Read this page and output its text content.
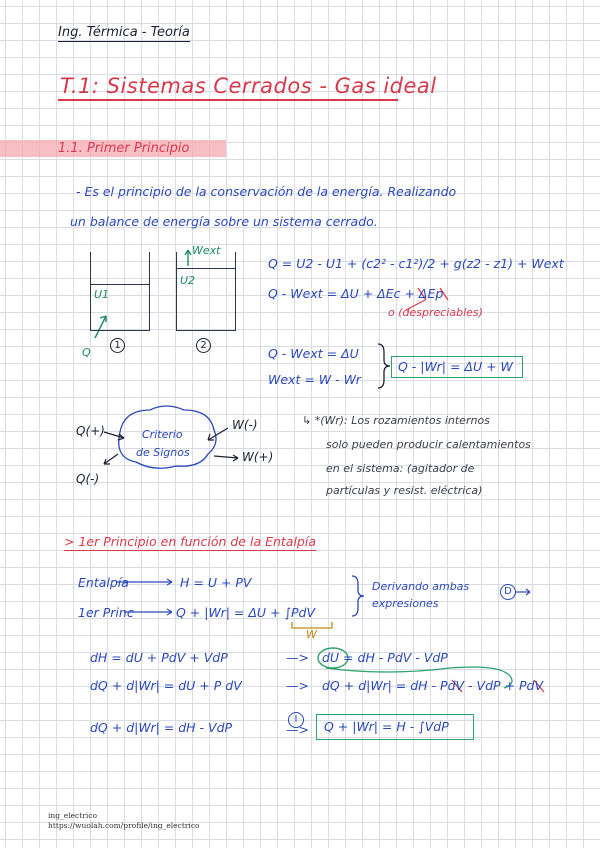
Ing. Térmica - Teoría
T.1: Sistemas Cerrados - Gas ideal
1.1. Primer Principio
- Es el principio de la conservación de la energía. Realizando
un balance de energía sobre un sistema cerrado.
U1
U2
Wext
Q
1	2
Q = U2 - U1 + (c2² - c1²)/2 + g(z2 - z1) + Wext
Q - Wext = ΔU + ΔEc + ΔEp
o (despreciables)
Q - Wext = ΔU
Wext = W - Wr
Q - |Wr| = ΔU + W
Criterio
de Signos
Q(+)
Q(-)
W(-)
W(+)
↳ *(Wr): Los rozamientos internos
solo pueden producir calentamientos
en el sistema: (agitador de
partículas y resist. eléctrica)
> 1er Principio en función de la Entalpía
Entalpía	H = U + PV
1er Princ	Q + |Wr| = ΔU + ∫PdV
W
Derivando ambas
expresiones
D
dH = dU + PdV + VdP	—> dU = dH - PdV - VdP
dQ + d|Wr| = dU + P dV	—> dQ + d|Wr| = dH - PdV - VdP + PdV
dQ + d|Wr| = dH - VdP
I
—> Q + |Wr| = H - ∫VdP
ing_electrico
https://wuolah.com/profile/ing_electrico
